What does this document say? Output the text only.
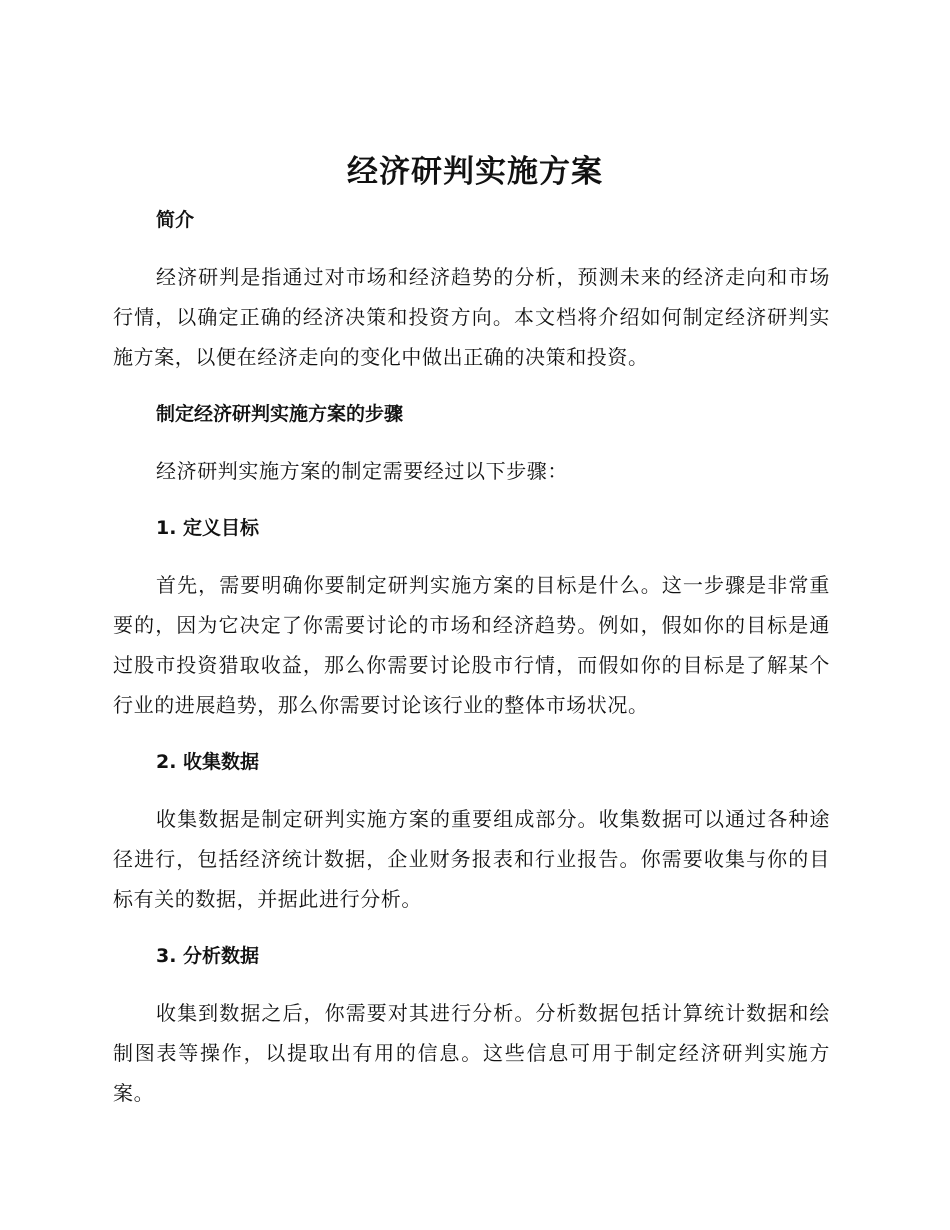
经济研判实施方案
简介

经济研判是指通过对市场和经济趋势的分析，预测未来的经济走向和市场行情，以确定正确的经济决策和投资方向。本文档将介绍如何制定经济研判实施方案，以便在经济走向的变化中做出正确的决策和投资。

制定经济研判实施方案的步骤

经济研判实施方案的制定需要经过以下步骤：

1. 定义目标

首先，需要明确你要制定研判实施方案的目标是什么。这一步骤是非常重要的，因为它决定了你需要讨论的市场和经济趋势。例如，假如你的目标是通过股市投资猎取收益，那么你需要讨论股市行情，而假如你的目标是了解某个行业的进展趋势，那么你需要讨论该行业的整体市场状况。

2. 收集数据

收集数据是制定研判实施方案的重要组成部分。收集数据可以通过各种途径进行，包括经济统计数据，企业财务报表和行业报告。你需要收集与你的目标有关的数据，并据此进行分析。

3. 分析数据

收集到数据之后，你需要对其进行分析。分析数据包括计算统计数据和绘制图表等操作，以提取出有用的信息。这些信息可用于制定经济研判实施方案。
